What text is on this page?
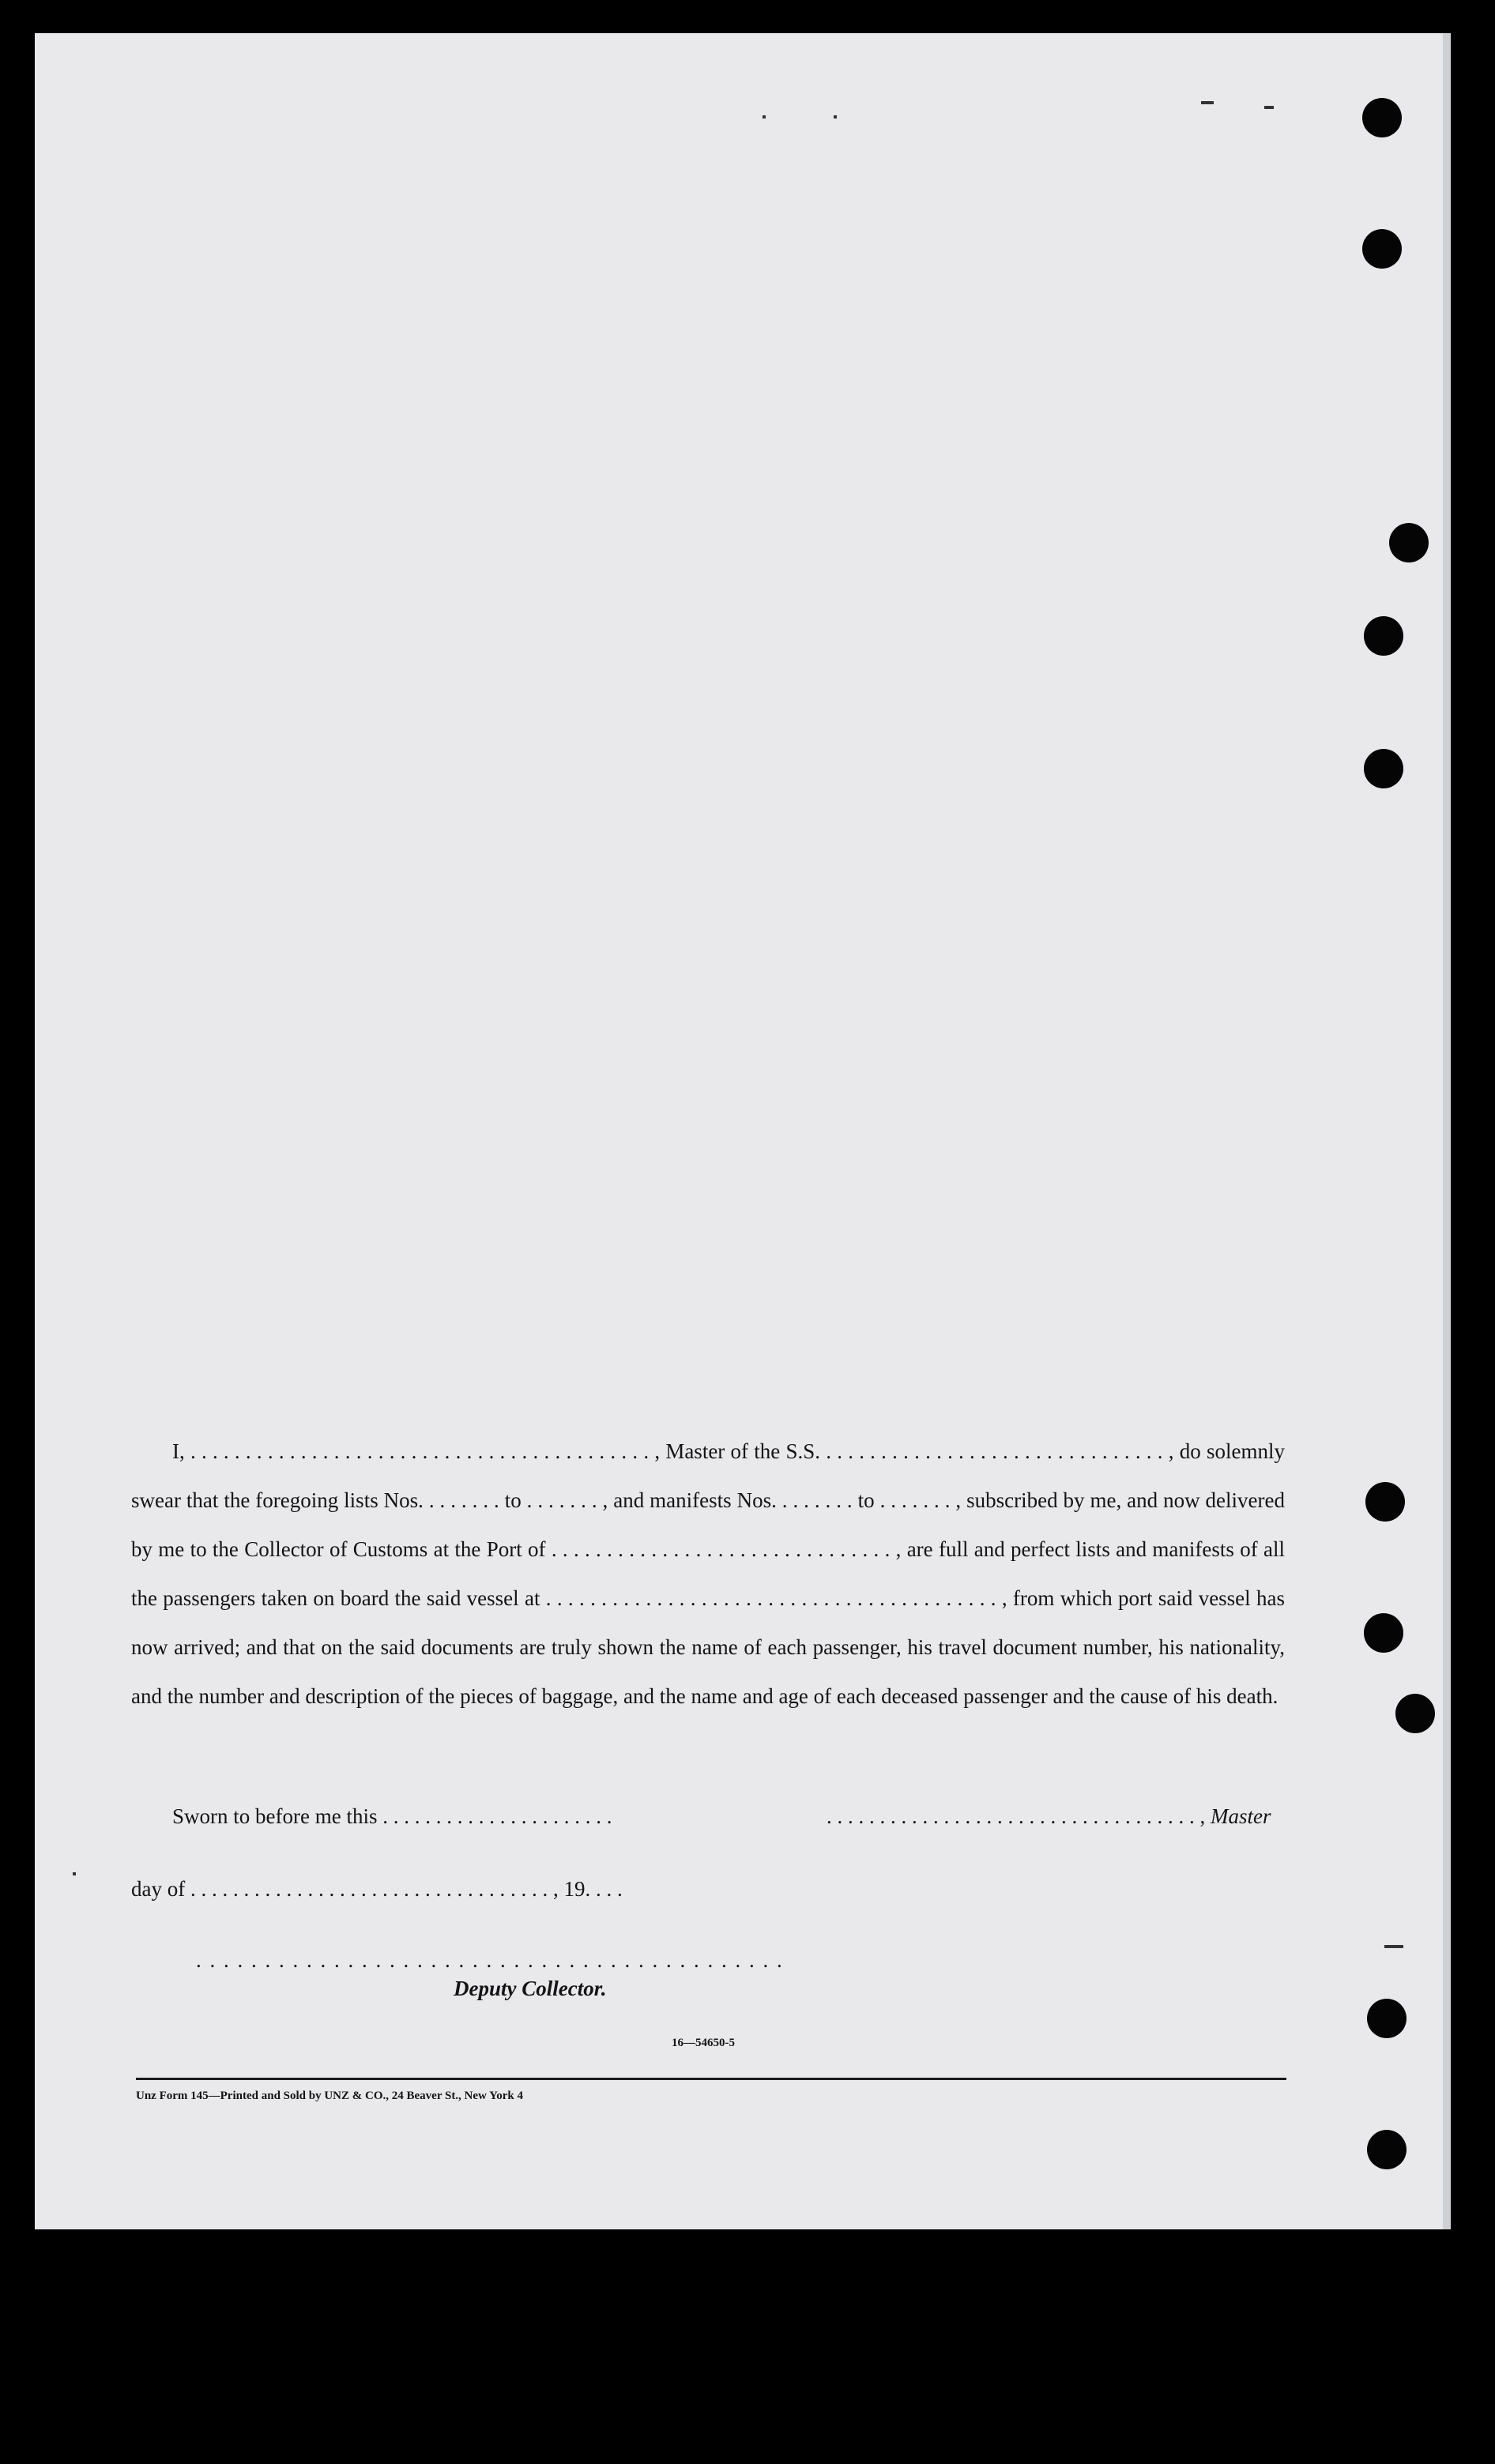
I, . . . . . . . . . . . . . . . . . . . . . . . . . . . . . . . . . . . . . . . . . . , Master of the S.S. . . . . . . . . . . . . . . . . . . . . . . . . . . . . . . . , do solemnly swear that the foregoing lists Nos. . . . . . . . to . . . . . . . , and manifests Nos. . . . . . . . to . . . . . . . , subscribed by me, and now delivered by me to the Collector of Customs at the Port of . . . . . . . . . . . . . . . . . . . . . . . . . . . . . . . , are full and perfect lists and manifests of all the passengers taken on board the said vessel at . . . . . . . . . . . . . . . . . . . . . . . . . . . . . . . . . . . . . . . . . , from which port said vessel has now arrived; and that on the said documents are truly shown the name of each passenger, his travel document number, his nationality, and the number and description of the pieces of baggage, and the name and age of each deceased passenger and the cause of his death.

Sworn to before me this . . . . . . . . . . . . . . . . . . . . . .	. . . . . . . . . . . . . . . . . . . . . . . . . . . . . . . . . . . , Master
day of . . . . . . . . . . . . . . . . . . . . . . . . . . . . . . . . . . , 19. . . .
. . . . . . . . . . . . . . . . . . . . . . . . . . . . . . . . . . . . . . . . . . .
Deputy Collector.
16—54650-5
Unz Form 145—Printed and Sold by UNZ & CO., 24 Beaver St., New York 4
